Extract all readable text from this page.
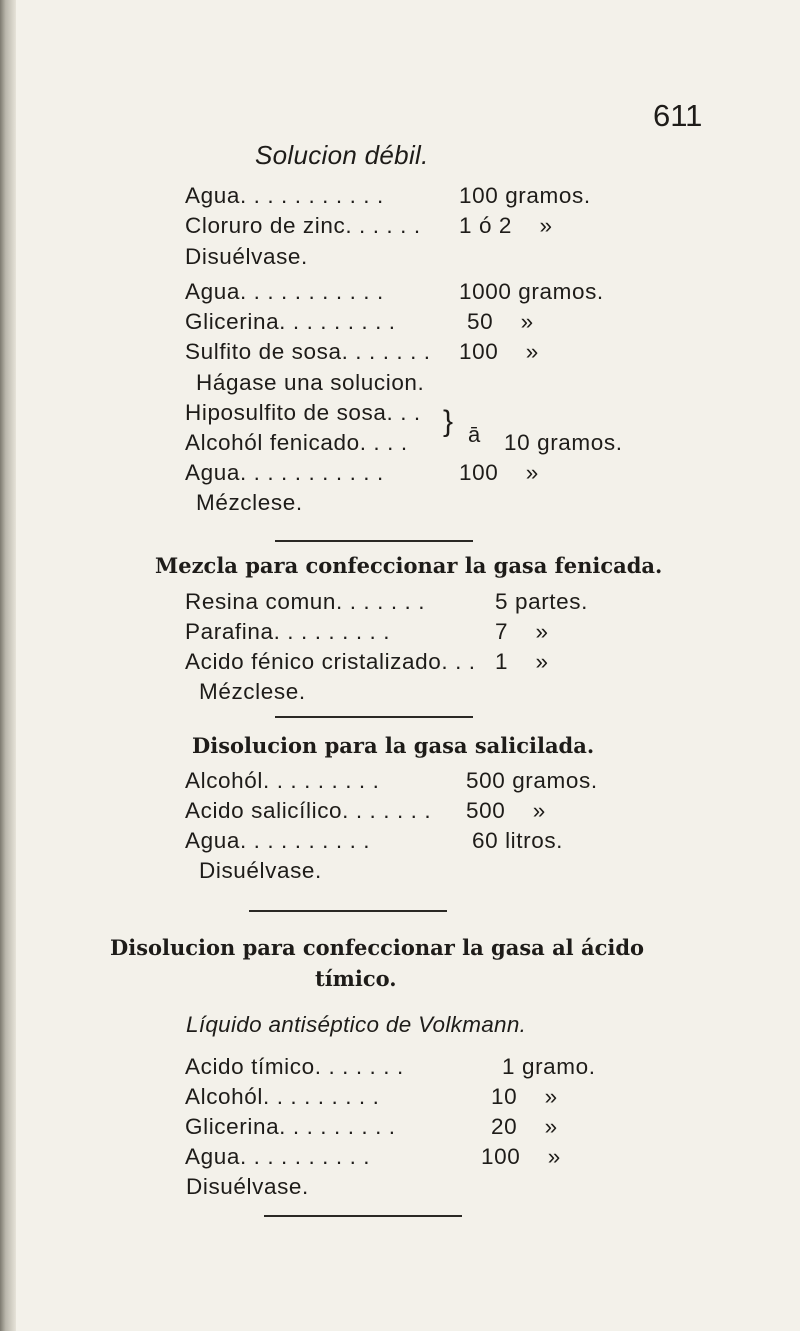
611
Solucion débil.
Agua. . . . . . . . . . .	100 gramos.
Cloruro de zinc. . . . . . 1 ó 2    »
Disuélvase.
Agua. . . . . . . . . . .	1000 gramos.
Glicerina. . . . . . . . .	50    »
Sulfito de sosa. . . . . . . 100    »
Hágase una solucion.
Hiposulfito de sosa. . .
Alcohól fenicado. . . .
} ā 10 gramos.
Agua. . . . . . . . . . .	100    »
Mézclese.
Mezcla para confeccionar la gasa fenicada.
Resina comun. . . . . . .	5 partes.
Parafina. . . . . . . . .	7    »
Acido fénico cristalizado. . . 1    »
Mézclese.
Disolucion para la gasa salicilada.
Alcohól. . . . . . . . .	500 gramos.
Acido salicílico. . . . . . . 500    »
Agua. . . . . . . . . .	60 litros.
Disuélvase.
Disolucion para confeccionar la gasa al ácido
tímico.
Líquido antiséptico de Volkmann.
Acido tímico. . . . . . .	1 gramo.
Alcohól. . . . . . . . .	10    »
Glicerina. . . . . . . . .	20    »
Agua. . . . . . . . . .	100    »
Disuélvase.
